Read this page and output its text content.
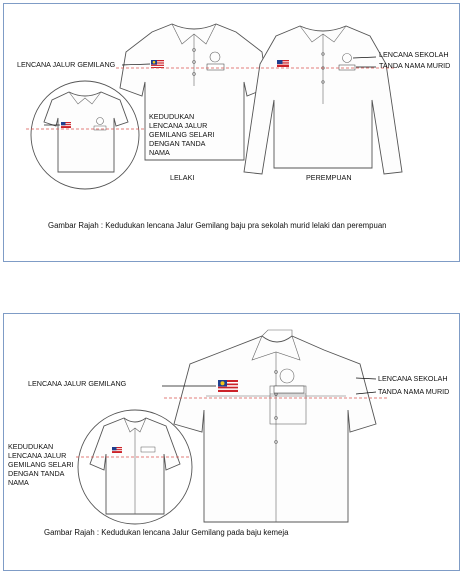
LENCANA JALUR GEMILANG
LENCANA SEKOLAH
TANDA NAMA MURID
KEDUDUKAN LENCANA JALUR GEMILANG SELARI DENGAN TANDA NAMA
LELAKI	PEREMPUAN
Gambar Rajah : Kedudukan lencana Jalur Gemilang baju pra sekolah murid lelaki dan perempuan
LENCANA JALUR GEMILANG
LENCANA SEKOLAH
TANDA NAMA MURID
KEDUDUKAN LENCANA JALUR GEMILANG SELARI DENGAN TANDA NAMA
Gambar Rajah : Kedudukan lencana Jalur Gemilang pada baju kemeja
